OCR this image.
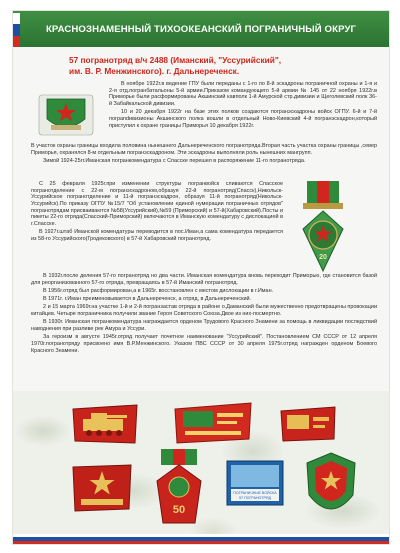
КРАСНОЗНАМЕННЫЙ ТИХООКЕАНСКИЙ ПОГРАНИЧНЫЙ ОКРУГ
57 погранотряд в/ч 2488 (Иманский, "Уссурийский",
им. В. Р. Менжинского). г. Дальнереченск.

В ноябре 1922г.в ведение ГПУ были переданы с 1-го по 8-й эскадроны пограничной охраны и 1-я и 2-я отд.погранбатальоны 5-й армии.Приказом командующего 5-й армии № 145 от 22 ноября 1922г.в Приморье были расформированы Акшинский кавполк 1-й Амурской стр.дивизии и Щеголевский полк 36-й Забайкальской дивизии.

10 и 20 декабря 1922г на базе этих полков создаются погранэскадроны войск ОГПУ. 6-й и 7-й погрandивизионы Акшинского полка вошли в отдельный Ново-Киевский 4-й погранэскадрон,который приступил к охране границы Приморья 10 декабря 1922г.

В участок охраны границы входила половина нынешнего Дальнереченского погранотряда.Вторая часть участка охраны границы ,север Приморья, охранялся 8-м отдельным погранэскадроном. Эти эскадроны выполняли роль нынешних мангрупп.

Зимой 1924-25гг.Иманская погранкомендатура с Спасске перешел в распоряжение 11-го погранотряда.

С 25 февраля 1925г.при изменении структуры погранвойск сливаются Спасское погранотделение с 22-м погранэскадроном,образуя 22-й погранотряд(Спасск),Никольск-Уссурийское погранотделение и 11-й погранэскадрон, образуя 11-й погранотряд(Никольск-Уссурийск).По приказу ОГПУ №15/7 "Об установлении единой нумерации пограничных отрядов" погранотрядам присваиваются №58(Уссурийский),№59 (Приморский) и 57-й(Хабаровский).Посты и пикеты 22-го отряда(Спасский-Приморский) включаются в Иманскую комендатуру с дислокацией в г.Спасске.

В 1927г.штаб Иманской комендатуры переводится в пос.Иман,а сама комендатура передается из 58-го Уссурийского(Гродековского) в 57-й Хабаровский погранотряд.

20

В 1932г.после деления 57-го погранотряд но два части. Иманская комендатура вновь переходит Приморью, где становится базой для реорганизованного 57-го отряда, превращаясь в 57-й Иманский погранотряд.

В 1956г.отряд был расформирован,а в 1965г. восстановлен с местом дислокации в г.Иман.

В 1971г. г.Иман преименовывается в Дальнереченск, а отряд, в Дальнереченский.

2 и 15 марта 1969г.на участке 1-й и 2-й погранзастав отряда в районе о.Даманский были мужественно предотвращены провокации китайцев. Четыре пограничника получили звание Героя Советского Союза.Двое из них-посмертно.

В 1930г. Иманская погранкомендатура награждается орденом Трудового Красного Знамени за помощь в ликвидации последствий наводнения при разливе рек Амура и Уссури.

За героизм в августе 1945г.отряд получает почетное наименование "Уссурийский". Постановлением СМ СССР от 12 апреля 1970г.погранотряду присвоено имя В.Р.Менжинского. Указом ПВС СССР от 30 апреля 1975г.отряд награжден орденом Боевого Красного Знамени.

50
ПОГРАНИЧНЫЕ ВОЙСКА
57 ПОГРАНОТРЯД
